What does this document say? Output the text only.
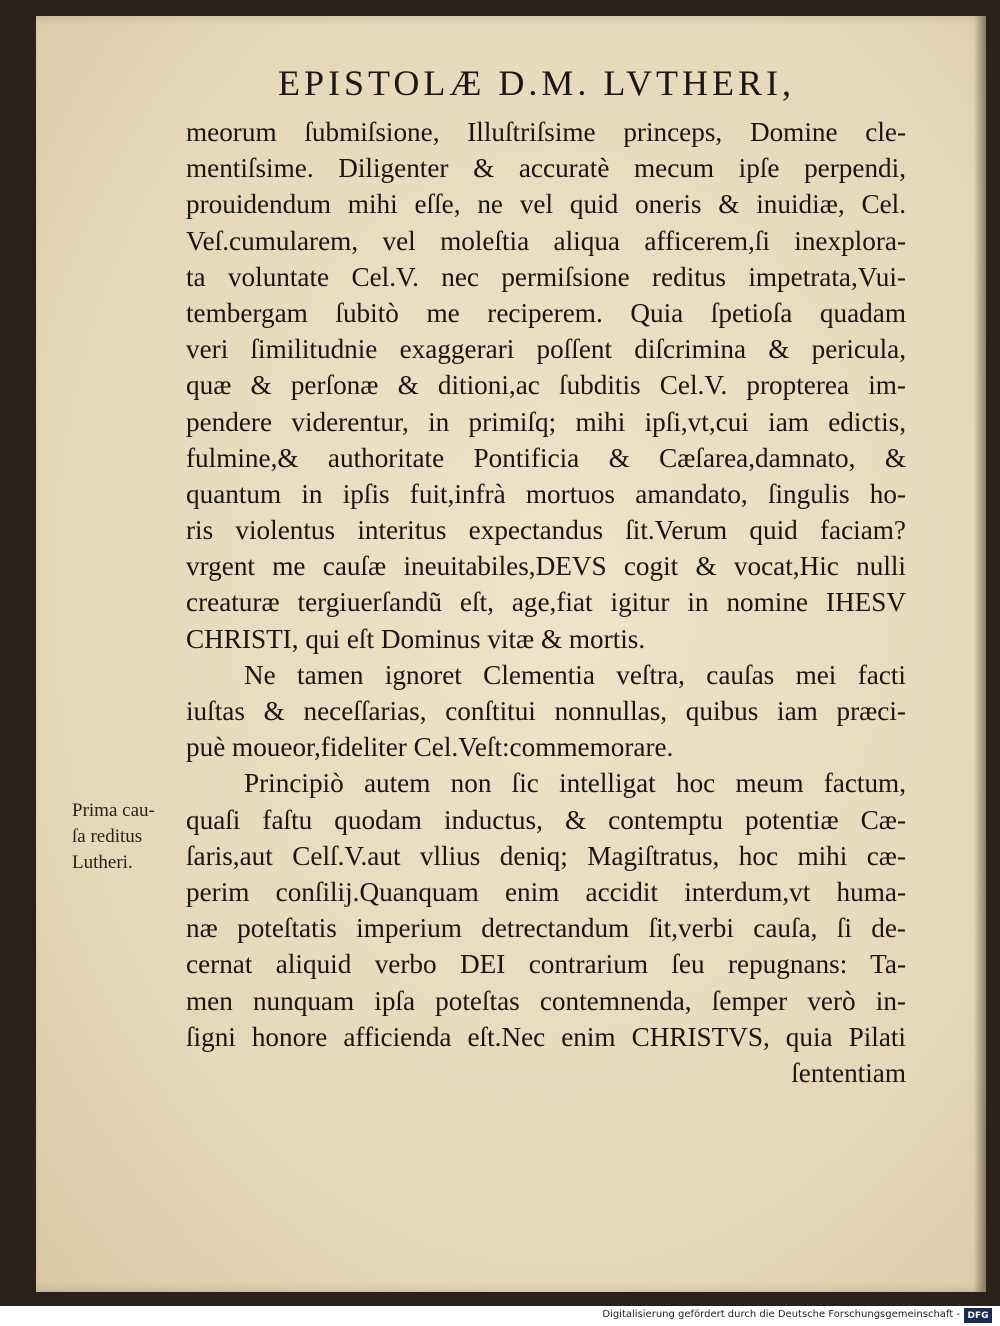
EPISTOLÆ D.M. LVTHERI,
meorum ſubmiſsione, Illuſtriſsime princeps, Domine cle-
mentiſsime. Diligenter & accuratè mecum ipſe perpendi,
prouidendum mihi eſſe, ne vel quid oneris & inuidiæ, Cel.
Veſ.cumularem, vel moleſtia aliqua afficerem,ſi inexplora-
ta voluntate Cel.V. nec permiſsione reditus impetrata,Vui-
tembergam ſubitò me reciperem. Quia ſpetioſa quadam
veri ſimilitudnie exaggerari poſſent diſcrimina & pericula,
quæ & perſonæ & ditioni,ac ſubditis Cel.V. propterea im-
pendere viderentur, in primiſq; mihi ipſi,vt,cui iam edictis,
fulmine,& authoritate Pontificia & Cæſarea,damnato, &
quantum in ipſis fuit,infrà mortuos amandato, ſingulis ho-
ris violentus interitus expectandus ſit.Verum quid faciam?
vrgent me cauſæ ineuitabiles,DEVS cogit & vocat,Hic nulli
creaturæ tergiuerſandũ eſt, age,fiat igitur in nomine IHESV
CHRISTI, qui eſt Dominus vitæ & mortis.
Ne tamen ignoret Clementia veſtra, cauſas mei facti
iuſtas & neceſſarias, conſtitui nonnullas, quibus iam præci-
puè moueor,fideliter Cel.Veſt:commemorare.
Principiò autem non ſic intelligat hoc meum factum,
quaſi faſtu quodam inductus, & contemptu potentiæ Cæ-
ſaris,aut Celſ.V.aut vllius deniq; Magiſtratus, hoc mihi cæ-
perim conſilij.Quanquam enim accidit interdum,vt huma-
næ poteſtatis imperium detrectandum ſit,verbi cauſa, ſi de-
cernat aliquid verbo DEI contrarium ſeu repugnans: Ta-
men nunquam ipſa poteſtas contemnenda, ſemper verò in-
ſigni honore afficienda eſt.Nec enim CHRISTVS, quia Pilati
ſententiam
Prima cau-
ſa reditus
Lutheri.
Digitalisierung gefördert durch die Deutsche Forschungsgemeinschaft - DFG
